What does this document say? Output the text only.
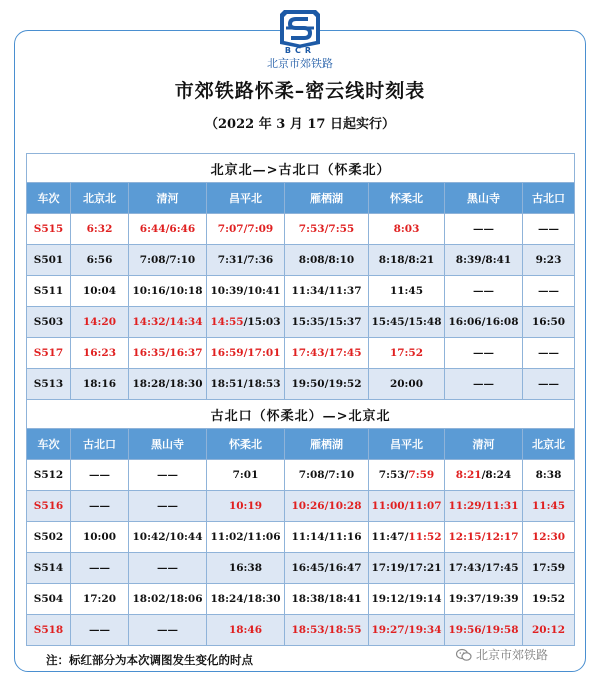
BCR
北京市郊铁路
市郊铁路怀柔–密云线时刻表
（2022 年 3 月 17 日起实行）
北京北—>古北口（怀柔北）							
车次	北京北	清河	昌平北	雁栖湖	怀柔北	黑山寺	古北口
S515	6:32	6:44/6:46	7:07/7:09	7:53/7:55	8:03	——	——
S501	6:56	7:08/7:10	7:31/7:36	8:08/8:10	8:18/8:21	8:39/8:41	9:23
S511	10:04	10:16/10:18	10:39/10:41	11:34/11:37	11:45	——	——
S503	14:20	14:32/14:34	14:55/15:03	15:35/15:37	15:45/15:48	16:06/16:08	16:50
S517	16:23	16:35/16:37	16:59/17:01	17:43/17:45	17:52	——	——
S513	18:16	18:28/18:30	18:51/18:53	19:50/19:52	20:00	——	——
古北口（怀柔北）—>北京北							
车次	古北口	黑山寺	怀柔北	雁栖湖	昌平北	清河	北京北
S512	——	——	7:01	7:08/7:10	7:53/7:59	8:21/8:24	8:38
S516	——	——	10:19	10:26/10:28	11:00/11:07	11:29/11:31	11:45
S502	10:00	10:42/10:44	11:02/11:06	11:14/11:16	11:47/11:52	12:15/12:17	12:30
S514	——	——	16:38	16:45/16:47	17:19/17:21	17:43/17:45	17:59
S504	17:20	18:02/18:06	18:24/18:30	18:38/18:41	19:12/19:14	19:37/19:39	19:52
S518	——	——	18:46	18:53/18:55	19:27/19:34	19:56/19:58	20:12
注：标红部分为本次调图发生变化的时点	北京市郊铁路
